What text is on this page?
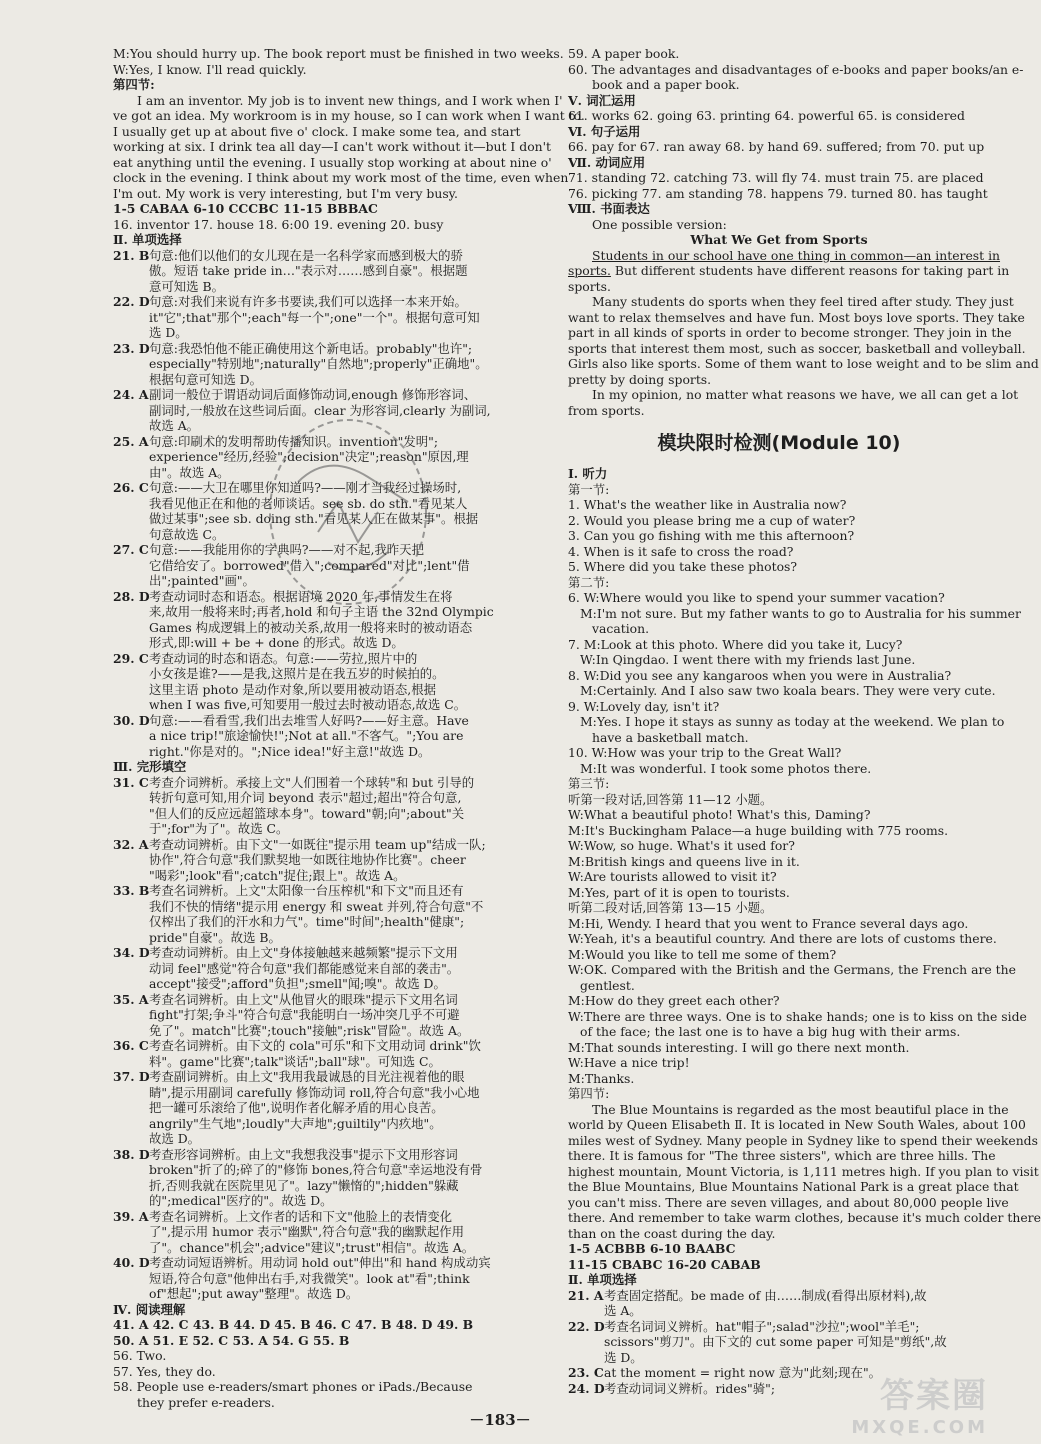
M:You should hurry up. The book report must be finished in two weeks.
W:Yes, I know. I'll read quickly.
第四节:
I am an inventor. My job is to invent new things, and I work when I'
ve got an idea. My workroom is in my house, so I can work when I want to.
I usually get up at about five o' clock. I make some tea, and start
working at six. I drink tea all day—I can't work without it—but I don't
eat anything until the evening. I usually stop working at about nine o'
clock in the evening. I think about my work most of the time, even when
I'm out. My work is very interesting, but I'm very busy.
1-5 CABAA 6-10 CCCBC 11-15 BBBAC
16. inventor 17. house 18. 6:00 19. evening 20. busy
Ⅱ. 单项选择
21. B 句意:他们以他们的女儿现在是一名科学家而感到极大的骄
傲。短语 take pride in…"表示对……感到自豪"。根据题
意可知选 B。
22. D 句意:对我们来说有许多书要读,我们可以选择一本来开始。
it"它";that"那个";each"每一个";one"一个"。根据句意可知
选 D。
23. D 句意:我恐怕他不能正确使用这个新电话。probably"也许";
especially"特别地";naturally"自然地";properly"正确地"。
根据句意可知选 D。
24. A 副词一般位于谓语动词后面修饰动词,enough 修饰形容词、
副词时,一般放在这些词后面。clear 为形容词,clearly 为副词,
故选 A。
25. A 句意:印刷术的发明帮助传播知识。invention"发明";
experience"经历,经验";decision"决定";reason"原因,理
由"。故选 A。
26. C 句意:——大卫在哪里你知道吗?——刚才当我经过操场时,
我看见他正在和他的老师谈话。see sb. do sth."看见某人
做过某事";see sb. doing sth."看见某人正在做某事"。根据
句意故选 C。
27. C 句意:——我能用你的字典吗?——对不起,我昨天把
它借给安了。borrowed"借入";compared"对比";lent"借
出";painted"画"。
28. D 考查动词时态和语态。根据语境 2020 年,事情发生在将
来,故用一般将来时;再者,hold 和句子主语 the 32nd Olympic
Games 构成逻辑上的被动关系,故用一般将来时的被动语态
形式,即:will + be + done 的形式。故选 D。
29. C 考查动词的时态和语态。句意:——劳拉,照片中的
小女孩是谁?——是我,这照片是在我五岁的时候拍的。
这里主语 photo 是动作对象,所以要用被动语态,根据
when I was five,可知要用一般过去时被动语态,故选 C。
30. D 句意:——看看雪,我们出去堆雪人好吗?——好主意。Have
a nice trip!"旅途愉快!";Not at all."不客气。";You are
right."你是对的。";Nice idea!"好主意!"故选 D。
Ⅲ. 完形填空
31. C 考查介词辨析。承接上文"人们围着一个球转"和 but 引导的
转折句意可知,用介词 beyond 表示"超过;超出"符合句意,
"但人们的反应远超篮球本身"。toward"朝;向";about"关
于";for"为了"。故选 C。
32. A 考查动词辨析。由下文"一如既往"提示用 team up"结成一队;
协作",符合句意"我们默契地一如既往地协作比赛"。cheer
"喝彩";look"看";catch"捉住;跟上"。故选 A。
33. B 考查名词辨析。上文"太阳像一台压榨机"和下文"而且还有
我们不快的情绪"提示用 energy 和 sweat 并列,符合句意"不
仅榨出了我们的汗水和力气"。time"时间";health"健康";
pride"自豪"。故选 B。
34. D 考查动词辨析。由上文"身体接触越来越频繁"提示下文用
动词 feel"感觉"符合句意"我们都能感觉来自部的袭击"。
accept"接受";afford"负担";smell"闻;嗅"。故选 D。
35. A 考查名词辨析。由上文"从他冒火的眼珠"提示下文用名词
fight"打架;争斗"符合句意"我能明白一场冲突几乎不可避
免了"。match"比赛";touch"接触";risk"冒险"。故选 A。
36. C 考查名词辨析。由下文的 cola"可乐"和下文用动词 drink"饮
料"。game"比赛";talk"谈话";ball"球"。可知选 C。
37. D 考查副词辨析。由上文"我用我最诚恳的目光注视着他的眼
睛",提示用副词 carefully 修饰动词 roll,符合句意"我小心地
把一罐可乐滚给了他",说明作者化解矛盾的用心良苦。
angrily"生气地";loudly"大声地";guiltily"内疚地"。
故选 D。
38. D 考查形容词辨析。由上文"我想我没事"提示下文用形容词
broken"折了的;碎了的"修饰 bones,符合句意"幸运地没有骨
折,否则我就在医院里见了"。lazy"懒惰的";hidden"躲藏
的";medical"医疗的"。故选 D。
39. A 考查名词辨析。上文作者的话和下文"他脸上的表情变化
了",提示用 humor 表示"幽默",符合句意"我的幽默起作用
了"。chance"机会";advice"建议";trust"相信"。故选 A。
40. D 考查动词短语辨析。用动词 hold out"伸出"和 hand 构成动宾
短语,符合句意"他伸出右手,对我微笑"。look at"看";think
of"想起";put away"整理"。故选 D。
Ⅳ. 阅读理解
41. A 42. C 43. B 44. D 45. B 46. C 47. B 48. D 49. B
50. A 51. E 52. C 53. A 54. G 55. B
56. Two.
57. Yes, they do.
58. People use e-readers/smart phones or iPads./Because
they prefer e-readers.
59. A paper book.
60. The advantages and disadvantages of e-books and paper books/an e-
book and a paper book.
Ⅴ. 词汇运用
61. works 62. going 63. printing 64. powerful 65. is considered
Ⅵ. 句子运用
66. pay for 67. ran away 68. by hand 69. suffered; from 70. put up
Ⅶ. 动词应用
71. standing 72. catching 73. will fly 74. must train 75. are placed
76. picking 77. am standing 78. happens 79. turned 80. has taught
Ⅷ. 书面表达
One possible version:
What We Get from Sports
Students in our school have one thing in common—an interest in
sports. But different students have different reasons for taking part in
sports.
Many students do sports when they feel tired after study. They just
want to relax themselves and have fun. Most boys love sports. They take
part in all kinds of sports in order to become stronger. They join in the
sports that interest them most, such as soccer, basketball and volleyball.
Girls also like sports. Some of them want to lose weight and to be slim and
pretty by doing sports.
In my opinion, no matter what reasons we have, we all can get a lot
from sports.
模块限时检测(Module 10)
Ⅰ. 听力
第一节:
1. What's the weather like in Australia now?
2. Would you please bring me a cup of water?
3. Can you go fishing with me this afternoon?
4. When is it safe to cross the road?
5. Where did you take these photos?
第二节:
6. W:Where would you like to spend your summer vacation?
M:I'm not sure. But my father wants to go to Australia for his summer
vacation.
7. M:Look at this photo. Where did you take it, Lucy?
W:In Qingdao. I went there with my friends last June.
8. W:Did you see any kangaroos when you were in Australia?
M:Certainly. And I also saw two koala bears. They were very cute.
9. W:Lovely day, isn't it?
M:Yes. I hope it stays as sunny as today at the weekend. We plan to
have a basketball match.
10. W:How was your trip to the Great Wall?
M:It was wonderful. I took some photos there.
第三节:
听第一段对话,回答第 11—12 小题。
W:What a beautiful photo! What's this, Daming?
M:It's Buckingham Palace—a huge building with 775 rooms.
W:Wow, so huge. What's it used for?
M:British kings and queens live in it.
W:Are tourists allowed to visit it?
M:Yes, part of it is open to tourists.
听第二段对话,回答第 13—15 小题。
M:Hi, Wendy. I heard that you went to France several days ago.
W:Yeah, it's a beautiful country. And there are lots of customs there.
M:Would you like to tell me some of them?
W:OK. Compared with the British and the Germans, the French are the
gentlest.
M:How do they greet each other?
W:There are three ways. One is to shake hands; one is to kiss on the side
of the face; the last one is to have a big hug with their arms.
M:That sounds interesting. I will go there next month.
W:Have a nice trip!
M:Thanks.
第四节:
The Blue Mountains is regarded as the most beautiful place in the
world by Queen Elisabeth Ⅱ. It is located in New South Wales, about 100
miles west of Sydney. Many people in Sydney like to spend their weekends
there. It is famous for "The three sisters", which are three hills. The
highest mountain, Mount Victoria, is 1,111 metres high. If you plan to visit
the Blue Mountains, Blue Mountains National Park is a great place that
you can't miss. There are seven villages, and about 80,000 people live
there. And remember to take warm clothes, because it's much colder there
than on the coast during the day.
1-5 ACBBB 6-10 BAABC
11-15 CBABC 16-20 CABAB
Ⅱ. 单项选择
21. A 考查固定搭配。be made of 由……制成(看得出原材料),故
选 A。
22. D 考查名词词义辨析。hat"帽子";salad"沙拉";wool"羊毛";
scissors"剪刀"。由下文的 cut some paper 可知是"剪纸",故
选 D。
23. C at the moment = right now 意为"此刻;现在"。
24. D 考查动词词义辨析。rides"骑";
－183－
答案圈
MXQE.COM
